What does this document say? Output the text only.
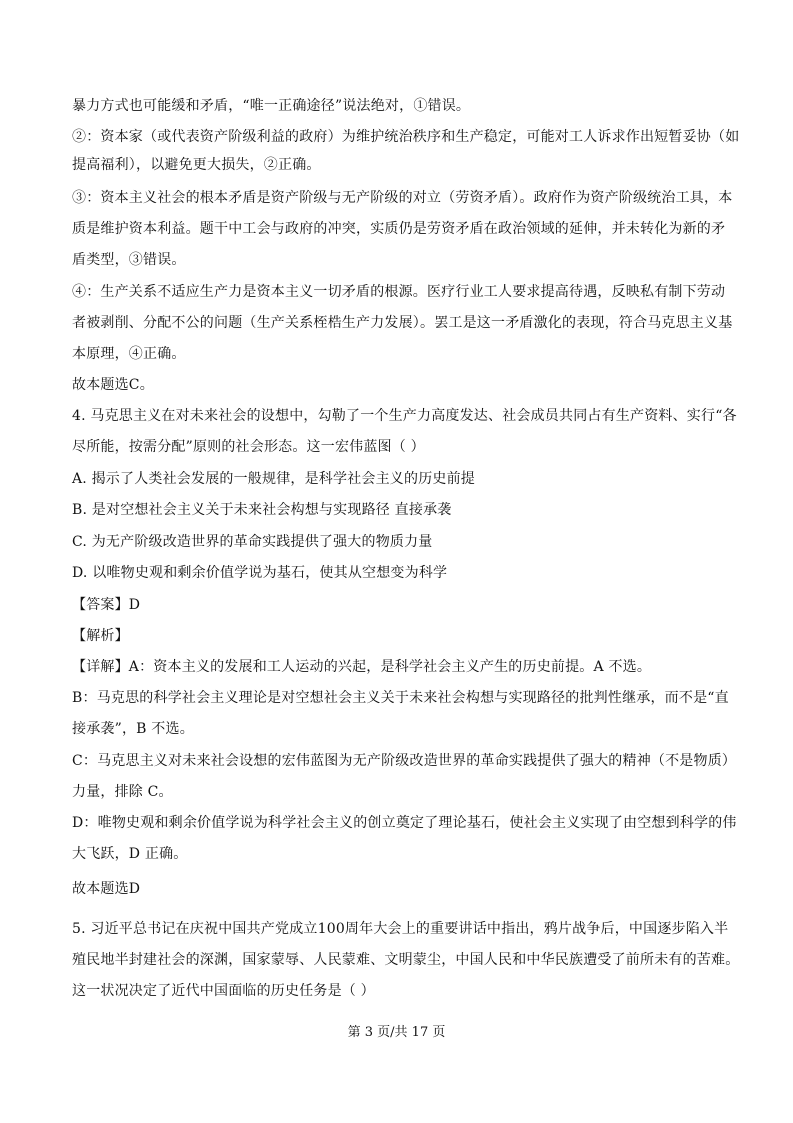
暴力方式也可能缓和矛盾，“唯一正确途径”说法绝对，①错误。
②：资本家（或代表资产阶级利益的政府）为维护统治秩序和生产稳定，可能对工人诉求作出短暂妥协（如
提高福利），以避免更大损失，②正确。
③：资本主义社会的根本矛盾是资产阶级与无产阶级的对立（劳资矛盾）。政府作为资产阶级统治工具，本
质是维护资本利益。题干中工会与政府的冲突，实质仍是劳资矛盾在政治领域的延伸，并未转化为新的矛
盾类型，③错误。
④：生产关系不适应生产力是资本主义一切矛盾的根源。医疗行业工人要求提高待遇，反映私有制下劳动
者被剥削、分配不公的问题（生产关系桎梏生产力发展）。罢工是这一矛盾激化的表现，符合马克思主义基
本原理，④正确。
故本题选C。
4. 马克思主义在对未来社会的设想中，勾勒了一个生产力高度发达、社会成员共同占有生产资料、实行“各
尽所能，按需分配”原则的社会形态。这一宏伟蓝图（ ）
A. 揭示了人类社会发展的一般规律，是科学社会主义的历史前提
B. 是对空想社会主义关于未来社会构想与实现路径 直接承袭
C. 为无产阶级改造世界的革命实践提供了强大的物质力量
D. 以唯物史观和剩余价值学说为基石，使其从空想变为科学
【答案】D
【解析】
【详解】A：资本主义的发展和工人运动的兴起，是科学社会主义产生的历史前提。A 不选。
B：马克思的科学社会主义理论是对空想社会主义关于未来社会构想与实现路径的批判性继承，而不是“直
接承袭”，B 不选。
C：马克思主义对未来社会设想的宏伟蓝图为无产阶级改造世界的革命实践提供了强大的精神（不是物质）
力量，排除 C。
D：唯物史观和剩余价值学说为科学社会主义的创立奠定了理论基石，使社会主义实现了由空想到科学的伟
大飞跃，D 正确。
故本题选D
5. 习近平总书记在庆祝中国共产党成立100周年大会上的重要讲话中指出，鸦片战争后，中国逐步陷入半
殖民地半封建社会的深渊，国家蒙辱、人民蒙难、文明蒙尘，中国人民和中华民族遭受了前所未有的苦难。
这一状况决定了近代中国面临的历史任务是（ ）
第 3 页/共 17 页
